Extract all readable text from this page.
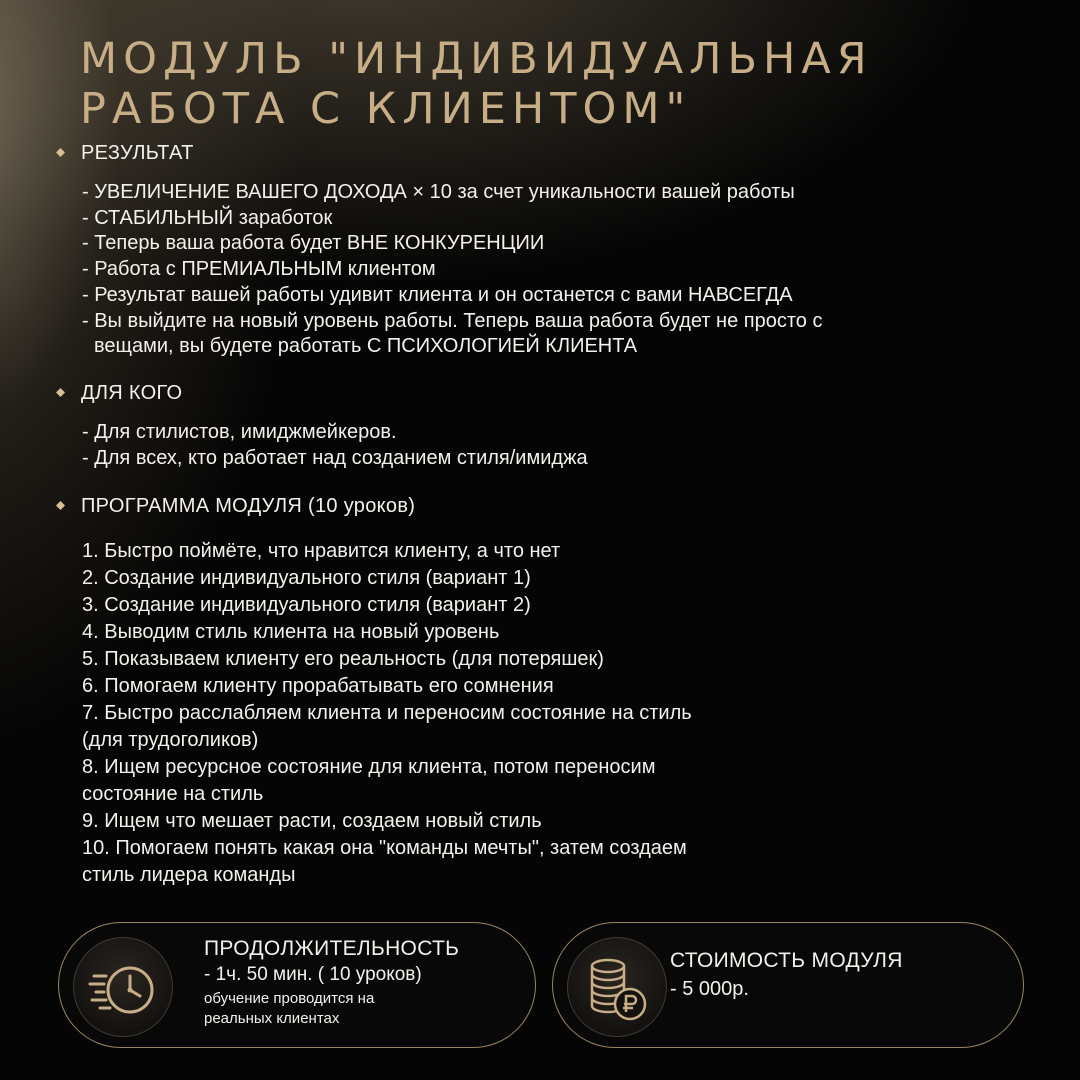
МОДУЛЬ "ИНДИВИДУАЛЬНАЯ
РАБОТА С КЛИЕНТОМ"
РЕЗУЛЬТАТ
- УВЕЛИЧЕНИЕ ВАШЕГО ДОХОДА × 10 за счет уникальности вашей работы
- СТАБИЛЬНЫЙ заработок
- Теперь ваша работа будет ВНЕ КОНКУРЕНЦИИ
- Работа с ПРЕМИАЛЬНЫМ клиентом
- Результат вашей работы удивит клиента и он останется с вами НАВСЕГДА
- Вы выйдите на новый уровень работы. Теперь ваша работа будет не просто с
вещами, вы будете работать С ПСИХОЛОГИЕЙ КЛИЕНТА
ДЛЯ КОГО
- Для стилистов, имиджмейкеров.
- Для всех, кто работает над созданием стиля/имиджа
ПРОГРАММА МОДУЛЯ (10 уроков)
1. Быстро поймёте, что нравится клиенту, а что нет
2. Создание индивидуального стиля (вариант 1)
3. Создание индивидуального стиля (вариант 2)
4. Выводим стиль клиента на новый уровень
5. Показываем клиенту его реальность (для потеряшек)
6. Помогаем клиенту прорабатывать его сомнения
7. Быстро расслабляем клиента и переносим состояние на стиль
(для трудоголиков)
8. Ищем ресурсное состояние для клиента, потом переносим
состояние на стиль
9. Ищем что мешает расти, создаем новый стиль
10. Помогаем понять какая она "команды мечты", затем создаем
стиль лидера команды
ПРОДОЛЖИТЕЛЬНОСТЬ
- 1ч. 50 мин. ( 10 уроков)
обучение проводится на
реальных клиентах
СТОИМОСТЬ МОДУЛЯ
- 5 000р.
